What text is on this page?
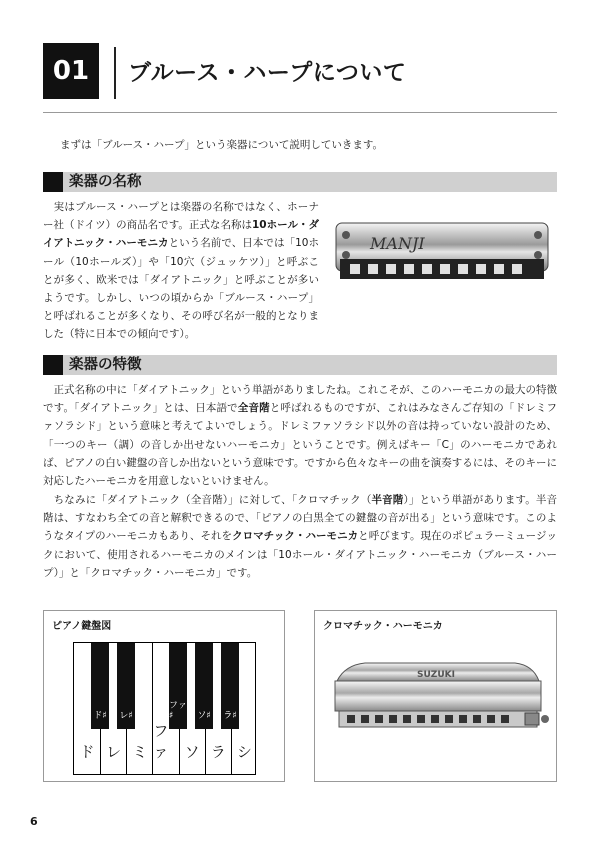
01 ブルース・ハープについて
まずは「ブルース・ハープ」という楽器について説明していきます。
楽器の名称
　実はブルース・ハープとは楽器の名称ではなく、ホーナー社（ドイツ）の商品名です。正式な名称は10ホール・ダイアトニック・ハーモニカという名前で、日本では「10ホール（10ホールズ）」や「10穴（ジュッケツ）」と呼ぶことが多く、欧米では「ダイアトニック」と呼ぶことが多いようです。しかし、いつの頃からか「ブルース・ハープ」と呼ばれることが多くなり、その呼び名が一般的となりました（特に日本での傾向です）。
MANJI
楽器の特徴
　正式名称の中に「ダイアトニック」という単語がありましたね。これこそが、このハーモニカの最大の特徴です。「ダイアトニック」とは、日本語で全音階と呼ばれるものですが、これはみなさんご存知の「ドレミファソラシド」という意味と考えてよいでしょう。ドレミファソラシド以外の音は持っていない設計のため、「一つのキー（調）の音しか出せないハーモニカ」ということです。例えばキー「C」のハーモニカであれば、ピアノの白い鍵盤の音しか出ないという意味です。ですから色々なキーの曲を演奏するには、そのキーに対応したハーモニカを用意しないといけません。
　ちなみに「ダイアトニック（全音階）」に対して、「クロマチック（半音階）」という単語があります。半音階は、すなわち全ての音と解釈できるので、「ピアノの白黒全ての鍵盤の音が出る」という意味です。このようなタイプのハーモニカもあり、それをクロマチック・ハーモニカと呼びます。現在のポピュラーミュージックにおいて、使用されるハーモニカのメインは「10ホール・ダイアトニック・ハーモニカ（ブルース・ハープ）」と「クロマチック・ハーモニカ」です。
ピアノ鍵盤図
ド レ ミ
ファ	ソ ラ シ
ド♯ レ♯
ファ♯	ソ♯ ラ♯
クロマチック・ハーモニカ
SUZUKI
6
